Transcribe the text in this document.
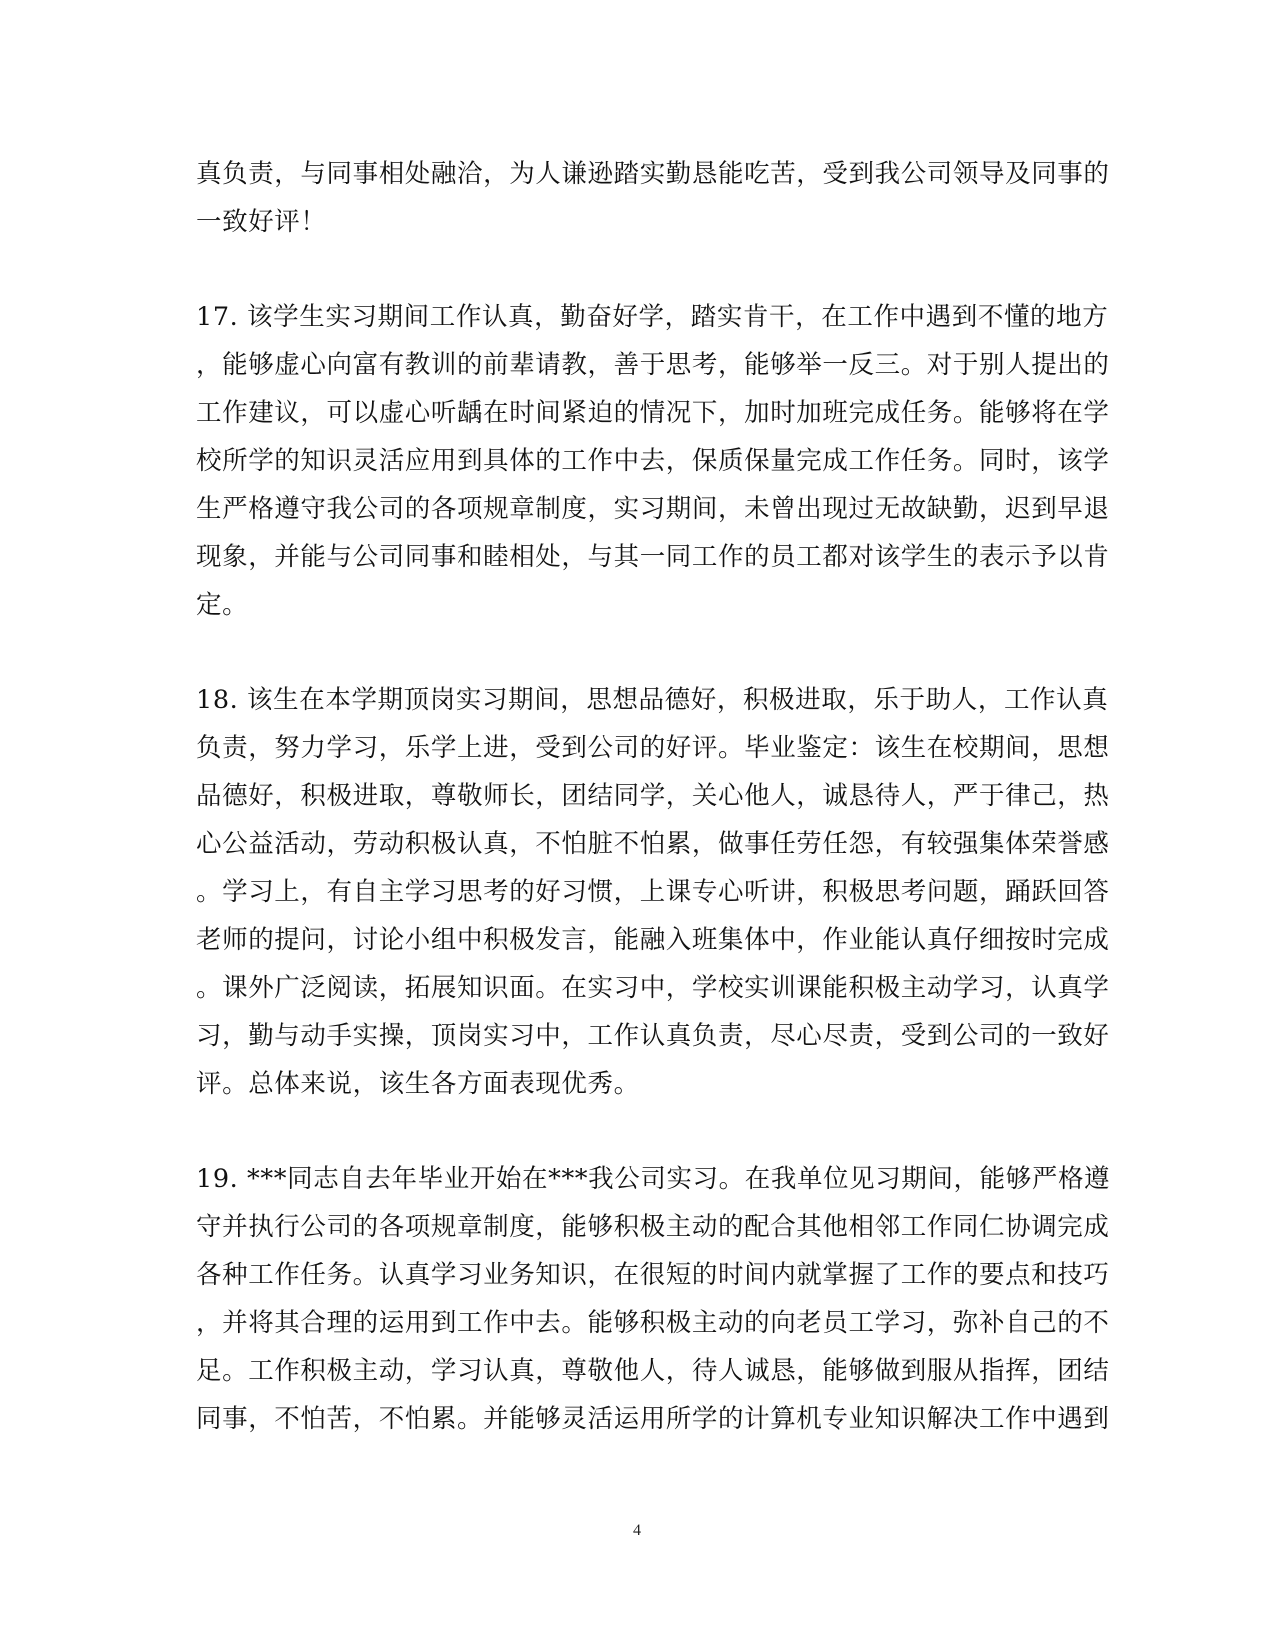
真负责，与同事相处融洽，为人谦逊踏实勤恳能吃苦，受到我公司领导及同事的
一致好评！

17. 该学生实习期间工作认真，勤奋好学，踏实肯干，在工作中遇到不懂的地方
，能够虚心向富有教训的前辈请教，善于思考，能够举一反三。对于别人提出的
工作建议，可以虚心听龋在时间紧迫的情况下，加时加班完成任务。能够将在学
校所学的知识灵活应用到具体的工作中去，保质保量完成工作任务。同时，该学
生严格遵守我公司的各项规章制度，实习期间，未曾出现过无故缺勤，迟到早退
现象，并能与公司同事和睦相处，与其一同工作的员工都对该学生的表示予以肯
定。

18. 该生在本学期顶岗实习期间，思想品德好，积极进取，乐于助人，工作认真
负责，努力学习，乐学上进，受到公司的好评。毕业鉴定：该生在校期间，思想
品德好，积极进取，尊敬师长，团结同学，关心他人，诚恳待人，严于律己，热
心公益活动，劳动积极认真，不怕脏不怕累，做事任劳任怨，有较强集体荣誉感
。学习上，有自主学习思考的好习惯，上课专心听讲，积极思考问题，踊跃回答
老师的提问，讨论小组中积极发言，能融入班集体中，作业能认真仔细按时完成
。课外广泛阅读，拓展知识面。在实习中，学校实训课能积极主动学习，认真学
习，勤与动手实操，顶岗实习中，工作认真负责，尽心尽责，受到公司的一致好
评。总体来说，该生各方面表现优秀。

19. ***同志自去年毕业开始在***我公司实习。在我单位见习期间，能够严格遵
守并执行公司的各项规章制度，能够积极主动的配合其他相邻工作同仁协调完成
各种工作任务。认真学习业务知识，在很短的时间内就掌握了工作的要点和技巧
，并将其合理的运用到工作中去。能够积极主动的向老员工学习，弥补自己的不
足。工作积极主动，学习认真，尊敬他人，待人诚恳，能够做到服从指挥，团结
同事，不怕苦，不怕累。并能够灵活运用所学的计算机专业知识解决工作中遇到

4
